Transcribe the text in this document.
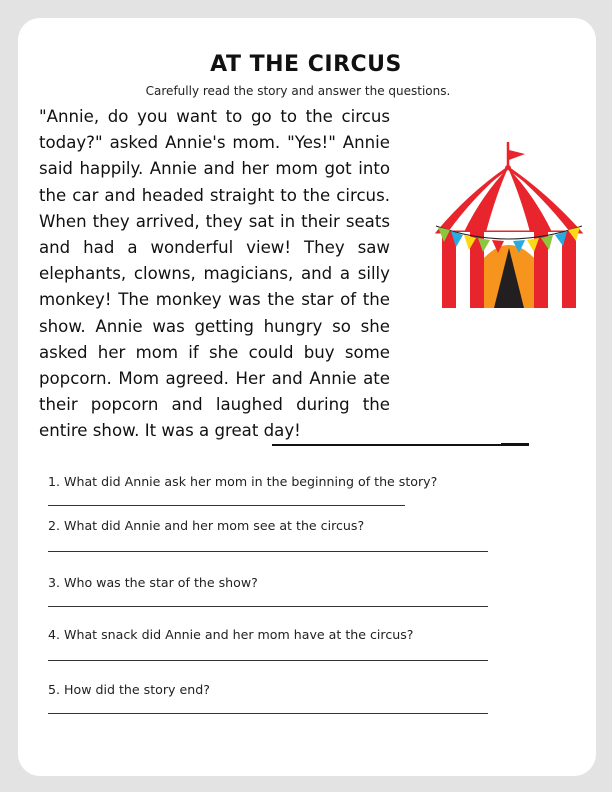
AT THE CIRCUS
Carefully read the story and answer the questions.

"Annie, do you want to go to the circus today?" asked Annie's mom. "Yes!" Annie said happily. Annie and her mom got into the car and headed straight to the circus. When they arrived, they sat in their seats and had a wonderful view! They saw elephants, clowns, magicians, and a silly monkey! The monkey was the star of the show. Annie was getting hungry so she asked her mom if she could buy some popcorn. Mom agreed. Her and Annie ate their popcorn and laughed during the entire show. It was a great day!

1. What did Annie ask her mom in the beginning of the story?
2. What did Annie and her mom see at the circus?
3. Who was the star of the show?
4. What snack did Annie and her mom have at the circus?
5. How did the story end?
